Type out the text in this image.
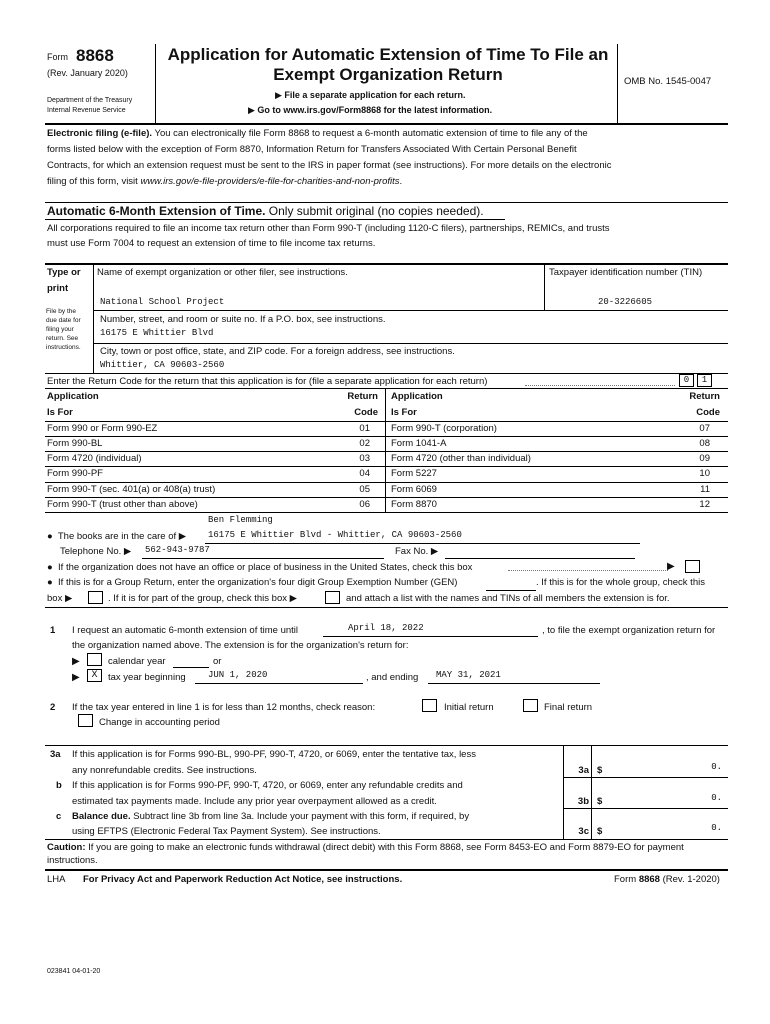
Form 8868
(Rev. January 2020)
Department of the Treasury
Internal Revenue Service
Application for Automatic Extension of Time To File an
Exempt Organization Return
▶ File a separate application for each return.
▶ Go to www.irs.gov/Form8868 for the latest information.
OMB No. 1545-0047
Electronic filing (e-file). You can electronically file Form 8868 to request a 6-month automatic extension of time to file any of the
forms listed below with the exception of Form 8870, Information Return for Transfers Associated With Certain Personal Benefit
Contracts, for which an extension request must be sent to the IRS in paper format (see instructions). For more details on the electronic
filing of this form, visit www.irs.gov/e-file-providers/e-file-for-charities-and-non-profits.
Automatic 6-Month Extension of Time. Only submit original (no copies needed).
All corporations required to file an income tax return other than Form 990-T (including 1120-C filers), partnerships, REMICs, and trusts
must use Form 7004 to request an extension of time to file income tax returns.
Type or
print
File by the
due date for
filing your
return. See
instructions.
Name of exempt organization or other filer, see instructions.	Taxpayer identification number (TIN)
National School Project	20-3226605
Number, street, and room or suite no. If a P.O. box, see instructions.
16175 E Whittier Blvd
City, town or post office, state, and ZIP code. For a foreign address, see instructions.
Whittier, CA 90603-2560
Enter the Return Code for the return that this application is for (file a separate application for each return)	0	1
Application
Is For
Return
Code
Application
Is For
Return
Code
Form 990 or Form 990-EZ	01 Form 990-T (corporation)	07
Form 990-BL	02 Form 1041-A	08
Form 4720 (individual)	03 Form 4720 (other than individual)	09
Form 990-PF	04 Form 5227	10
Form 990-T (sec. 401(a) or 408(a) trust)	05 Form 6069	11
Form 990-T (trust other than above)	06 Form 8870	12
Ben Flemming
● The books are in the care of ▶ 16175 E Whittier Blvd - Whittier, CA 90603-2560
Telephone No. ▶ 562-943-9787	Fax No. ▶
● If the organization does not have an office or place of business in the United States, check this box	▶
● If this is for a Group Return, enter the organization's four digit Group Exemption Number (GEN)	. If this is for the whole group, check this
box ▶	. If it is for part of the group, check this box ▶	and attach a list with the names and TINs of all members the extension is for.
1 I request an automatic 6-month extension of time until	April 18, 2022	, to file the exempt organization return for
the organization named above. The extension is for the organization's return for:
▶	calendar year	or
▶	X	tax year beginning JUN 1, 2020	, and ending MAY 31, 2021
2 If the tax year entered in line 1 is for less than 12 months, check reason:	Initial return	Final return
Change in accounting period
3a If this application is for Forms 990-BL, 990-PF, 990-T, 4720, or 6069, enter the tentative tax, less
any nonrefundable credits. See instructions.	3a $	0.
b If this application is for Forms 990-PF, 990-T, 4720, or 6069, enter any refundable credits and
estimated tax payments made. Include any prior year overpayment allowed as a credit.	3b $	0.
c Balance due. Subtract line 3b from line 3a. Include your payment with this form, if required, by
using EFTPS (Electronic Federal Tax Payment System). See instructions.	3c $	0.
Caution: If you are going to make an electronic funds withdrawal (direct debit) with this Form 8868, see Form 8453-EO and Form 8879-EO for payment
instructions.
LHA For Privacy Act and Paperwork Reduction Act Notice, see instructions.	Form 8868 (Rev. 1-2020)
023841 04-01-20
